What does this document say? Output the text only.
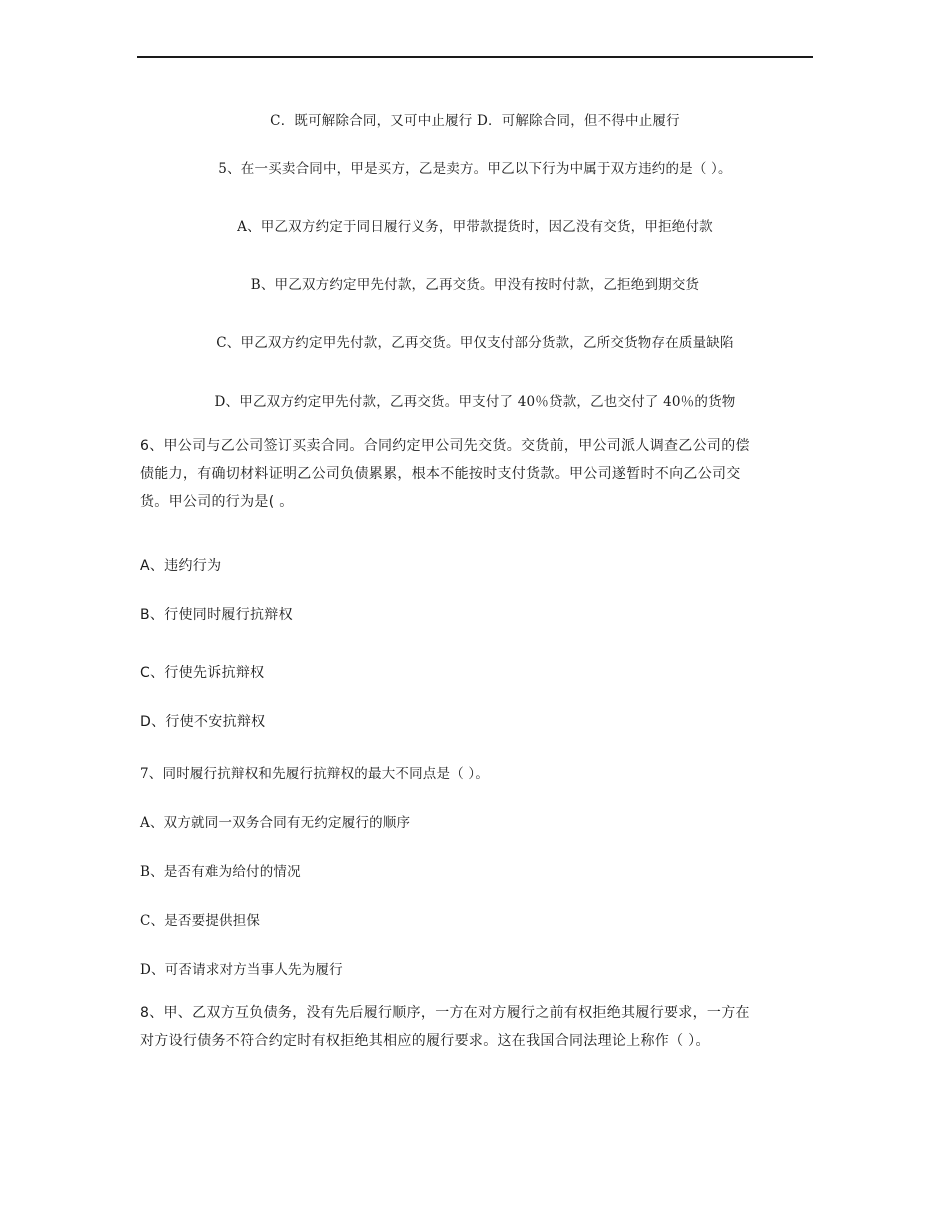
C．既可解除合同，又可中止履行 D．可解除合同，但不得中止履行

5、在一买卖合同中，甲是买方，乙是卖方。甲乙以下行为中属于双方违约的是（ ）。

A、甲乙双方约定于同日履行义务，甲带款提货时，因乙没有交货，甲拒绝付款

B、甲乙双方约定甲先付款，乙再交货。甲没有按时付款，乙拒绝到期交货

C、甲乙双方约定甲先付款，乙再交货。甲仅支付部分货款，乙所交货物存在质量缺陷

D、甲乙双方约定甲先付款，乙再交货。甲支付了 40％贷款，乙也交付了 40％的货物

6、甲公司与乙公司签订买卖合同。合同约定甲公司先交货。交货前，甲公司派人调查乙公司的偿
债能力，有确切材料证明乙公司负债累累，根本不能按时支付货款。甲公司遂暂时不向乙公司交
货。甲公司的行为是( 。

A、违约行为

B、行使同时履行抗辩权

C、行使先诉抗辩权

D、行使不安抗辩权

7、同时履行抗辩权和先履行抗辩权的最大不同点是（ ）。

A、双方就同一双务合同有无约定履行的顺序

B、是否有难为给付的情况

C、是否要提供担保

D、可否请求对方当事人先为履行

8、甲、乙双方互负债务，没有先后履行顺序，一方在对方履行之前有权拒绝其履行要求，一方在
对方设行债务不符合约定时有权拒绝其相应的履行要求。这在我国合同法理论上称作（ ）。
